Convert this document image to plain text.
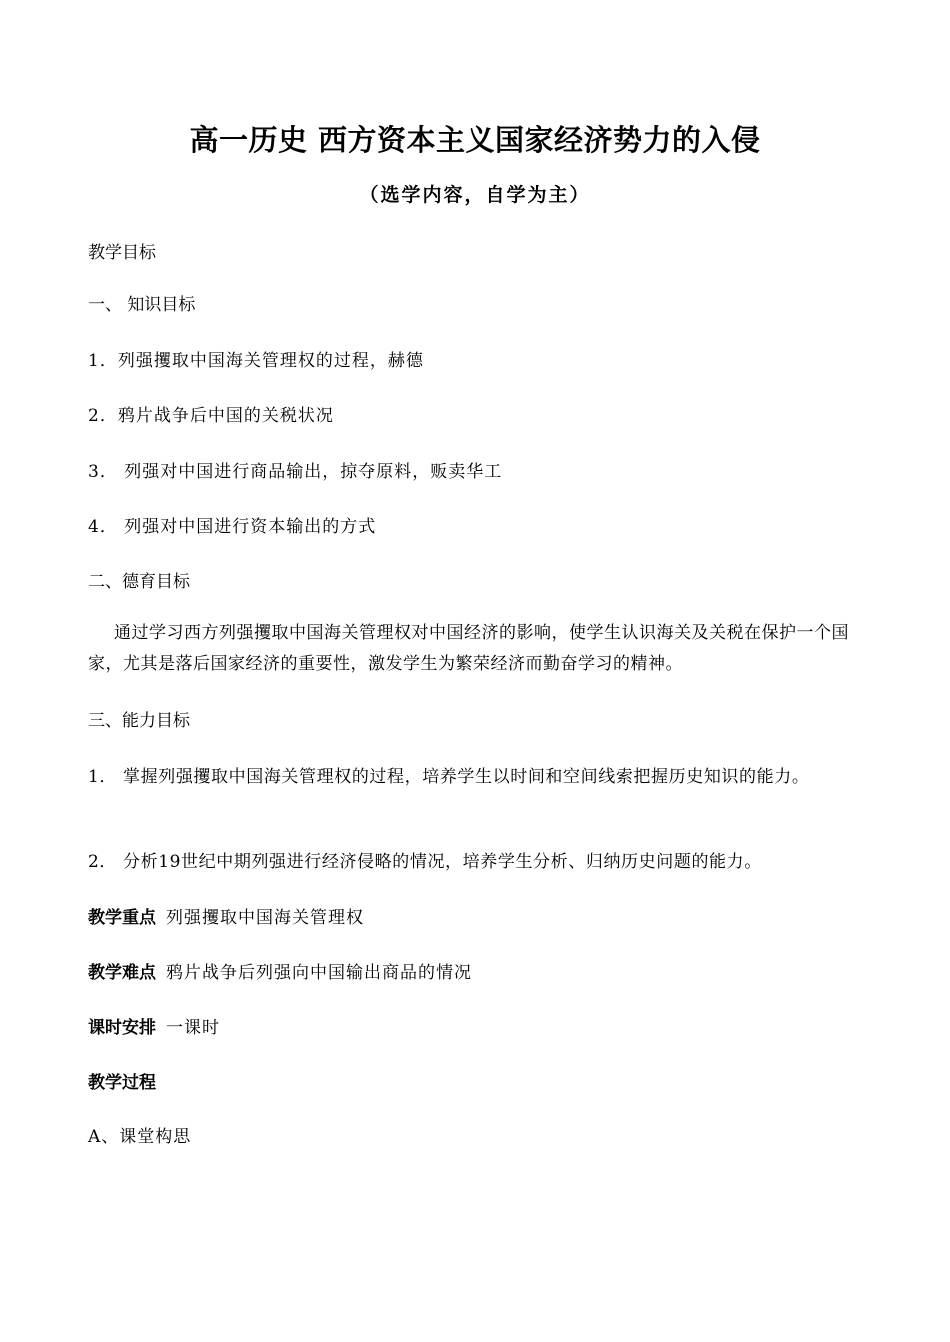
高一历史 西方资本主义国家经济势力的入侵
（选学内容，自学为主）
教学目标
一、 知识目标
1．列强攫取中国海关管理权的过程，赫德
2．鸦片战争后中国的关税状况
3． 列强对中国进行商品输出，掠夺原料，贩卖华工
4． 列强对中国进行资本输出的方式
二、德育目标
通过学习西方列强攫取中国海关管理权对中国经济的影响，使学生认识海关及关税在保护一个国家，尤其是落后国家经济的重要性，激发学生为繁荣经济而勤奋学习的精神。
三、能力目标
1． 掌握列强攫取中国海关管理权的过程，培养学生以时间和空间线索把握历史知识的能力。
2． 分析19世纪中期列强进行经济侵略的情况，培养学生分析、归纳历史问题的能力。
教学重点 列强攫取中国海关管理权
教学难点 鸦片战争后列强向中国输出商品的情况
课时安排 一课时
教学过程
A、课堂构思
